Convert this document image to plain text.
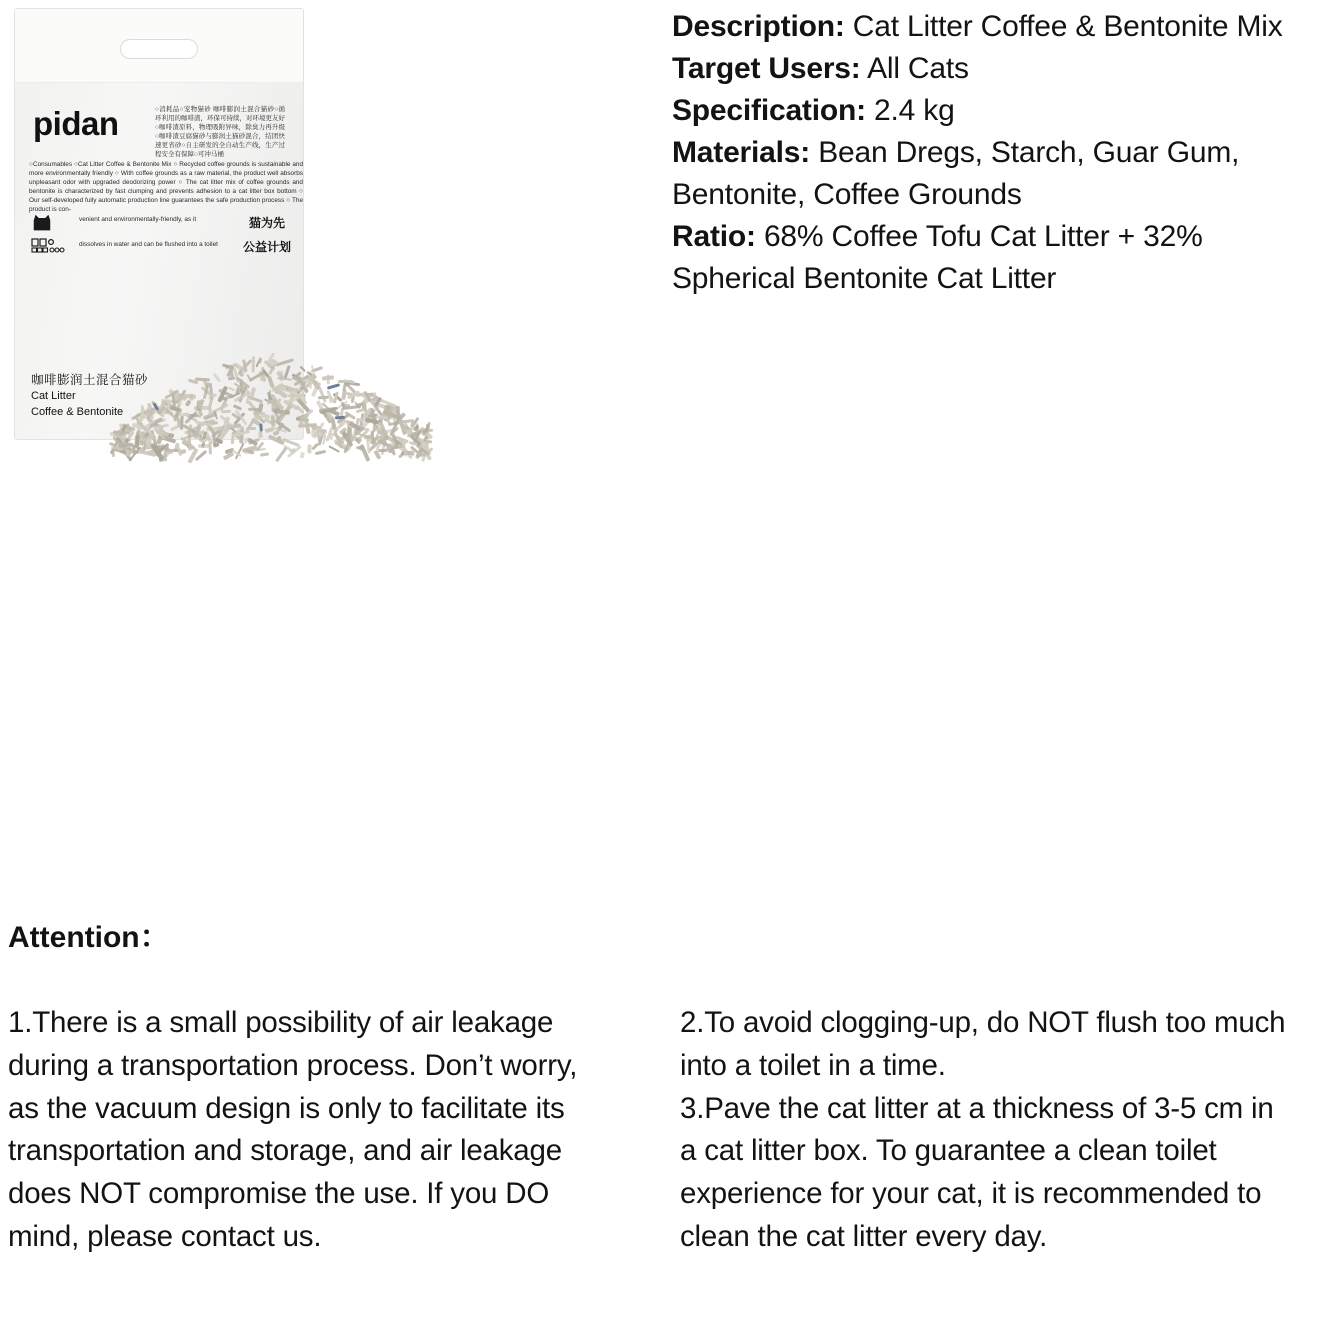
pidan	○消耗品○宠物猫砂 咖啡膨润土混合猫砂○循环利用的咖啡渣，环保可持续，对环境更友好○咖啡渣原料，物理吸附异味，除臭力再升级○咖啡渣豆腐猫砂与膨润土猫砂混合，结团快速更省砂○自主研发的全自动生产线，生产过程安全有保障○可冲马桶
○Consumables ○Cat Litter Coffee & Bentonite Mix ○ Recycled coffee grounds is sustainable and more environmentally friendly ○ With coffee grounds as a raw material, the product well absorbs unpleasant odor with upgraded deodorizing power ○ The cat litter mix of coffee grounds and bentonite is characterized by fast clumping and prevents adhesion to a cat litter box bottom ○ Our self-developed fully automatic production line guarantees the safe production process ○ The product is con-
venient and environmentally-friendly, as it
dissolves in water and can be flushed into a toilet
猫为先
公益计划
咖啡膨润土混合猫砂
Cat Litter
Coffee & Bentonite
Description: Cat Litter Coffee & Bentonite Mix
Target Users: All Cats
Specification: 2.4 kg
Materials: Bean Dregs, Starch, Guar Gum, Bentonite, Coffee Grounds
Ratio: 68% Coffee Tofu Cat Litter + 32% Spherical Bentonite Cat Litter
Attention：
1.There is a small possibility of air leakage during a transportation process. Don’t worry, as the vacuum design is only to facilitate its transportation and storage, and air leakage does NOT compromise the use. If you DO mind, please contact us.
2.To avoid clogging-up, do NOT flush too much into a toilet in a time.
3.Pave the cat litter at a thickness of 3-5 cm in a cat litter box. To guarantee a clean toilet experience for your cat, it is recommended to clean the cat litter every day.
